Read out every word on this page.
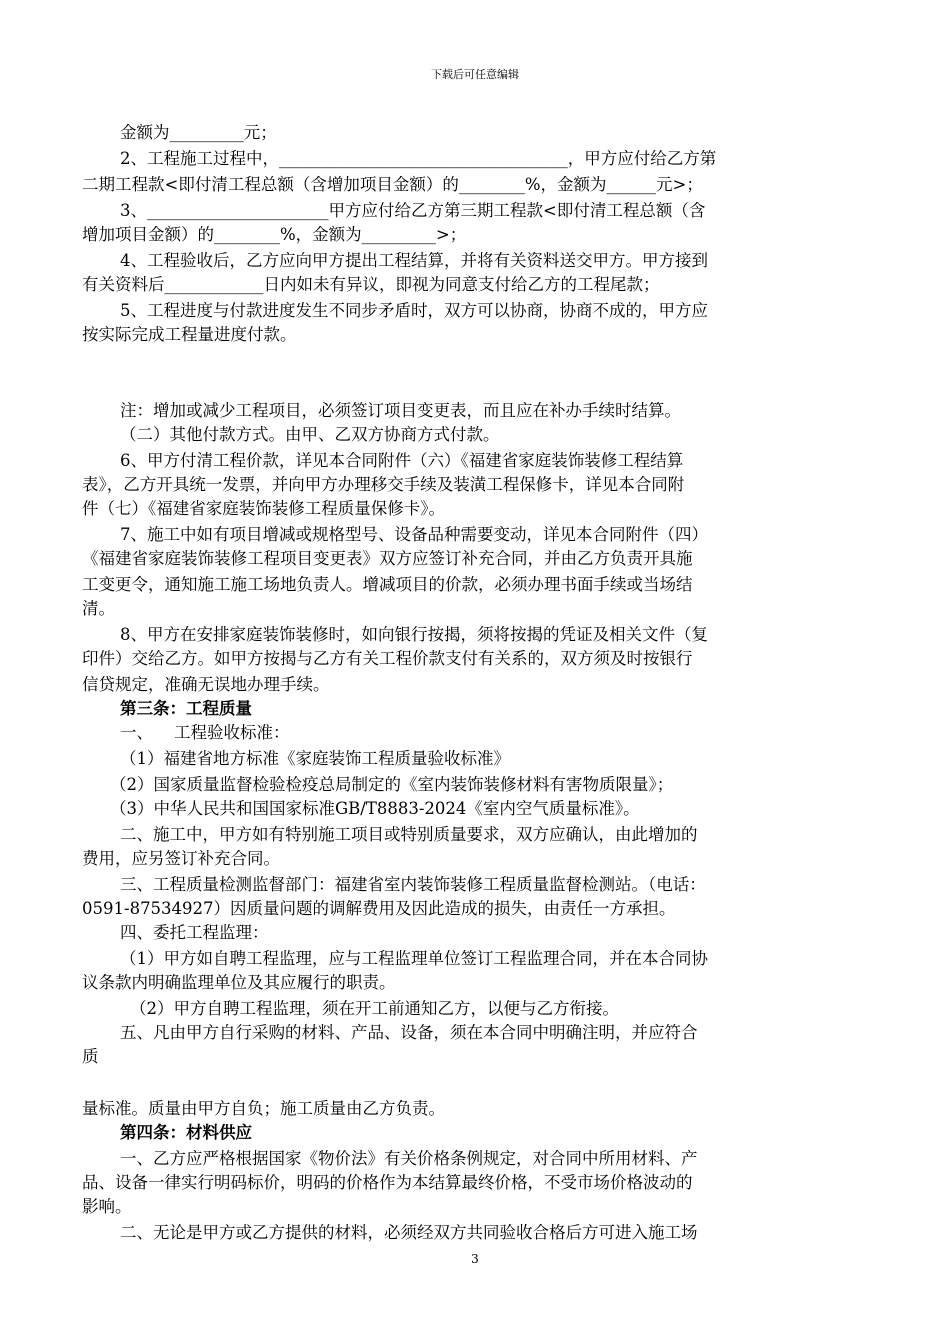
下载后可任意编辑
金额为_________元；
2、工程施工过程中，___________________________________，甲方应付给乙方第
二期工程款<即付清工程总额（含增加项目金额）的________%，金额为______元>；
3、______________________甲方应付给乙方第三期工程款<即付清工程总额（含
增加项目金额）的________%，金额为_________>；
4、工程验收后，乙方应向甲方提出工程结算，并将有关资料送交甲方。甲方接到
有关资料后____________日内如未有异议，即视为同意支付给乙方的工程尾款；
5、工程进度与付款进度发生不同步矛盾时，双方可以协商，协商不成的，甲方应
按实际完成工程量进度付款。
注：增加或减少工程项目，必须签订项目变更表，而且应在补办手续时结算。
（二）其他付款方式。由甲、乙双方协商方式付款。
6、甲方付清工程价款，详见本合同附件（六）《福建省家庭装饰装修工程结算
表》，乙方开具统一发票，并向甲方办理移交手续及装潢工程保修卡，详见本合同附
件（七）《福建省家庭装饰装修工程质量保修卡》。
7、施工中如有项目增减或规格型号、设备品种需要变动，详见本合同附件（四）
《福建省家庭装饰装修工程项目变更表》双方应签订补充合同，并由乙方负责开具施
工变更令，通知施工施工场地负责人。增减项目的价款，必须办理书面手续或当场结
清。
8、甲方在安排家庭装饰装修时，如向银行按揭，须将按揭的凭证及相关文件（复
印件）交给乙方。如甲方按揭与乙方有关工程价款支付有关系的，双方须及时按银行
信贷规定，准确无误地办理手续。
第三条：工程质量
一、    工程验收标准：
（1）福建省地方标准《家庭装饰工程质量验收标准》
（2）国家质量监督检验检疫总局制定的《室内装饰装修材料有害物质限量》；
（3）中华人民共和国国家标准GB/T8883-2024《室内空气质量标准》。
二、施工中，甲方如有特别施工项目或特别质量要求，双方应确认，由此增加的
费用，应另签订补充合同。
三、工程质量检测监督部门：福建省室内装饰装修工程质量监督检测站。（电话：
0591-87534927）因质量问题的调解费用及因此造成的损失，由责任一方承担。
四、委托工程监理：
（1）甲方如自聘工程监理，应与工程监理单位签订工程监理合同，并在本合同协
议条款内明确监理单位及其应履行的职责。
（2）甲方自聘工程监理，须在开工前通知乙方，以便与乙方衔接。
五、凡由甲方自行采购的材料、产品、设备，须在本合同中明确注明，并应符合
质
量标准。质量由甲方自负；施工质量由乙方负责。
第四条：材料供应
一、乙方应严格根据国家《物价法》有关价格条例规定，对合同中所用材料、产
品、设备一律实行明码标价，明码的价格作为本结算最终价格，不受市场价格波动的
影响。
二、无论是甲方或乙方提供的材料，必须经双方共同验收合格后方可进入施工场
3
